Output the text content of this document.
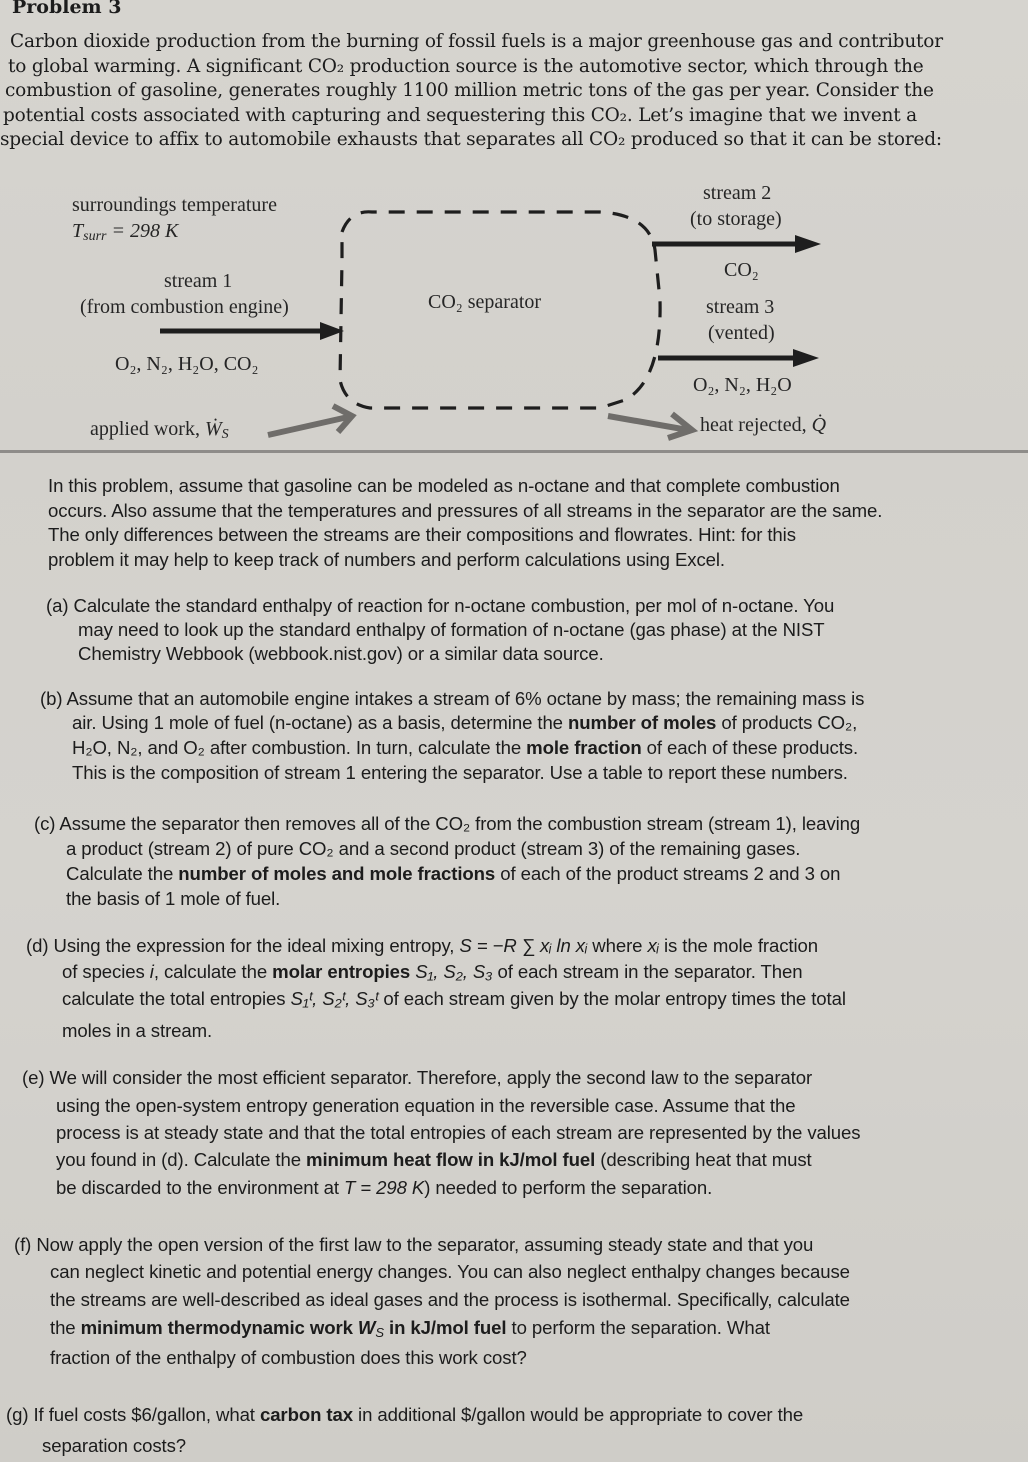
Problem 3
Carbon dioxide production from the burning of fossil fuels is a major greenhouse gas and contributor
to global warming. A significant CO₂ production source is the automotive sector, which through the
combustion of gasoline, generates roughly 1100 million metric tons of the gas per year. Consider the
potential costs associated with capturing and sequestering this CO₂. Let’s imagine that we invent a
special device to affix to automobile exhausts that separates all CO₂ produced so that it can be stored:
surroundings temperature
$T_{surr} = 298$ K
stream 1
(from combustion engine)
O₂, N₂, H₂O, CO₂
CO₂ separator
stream 2
(to storage)
CO₂
stream 3
(vented)
O₂, N₂, H₂O
applied work, Ẇ$_S$	heat rejected, Q̇
In this problem, assume that gasoline can be modeled as n-octane and that complete combustion
occurs. Also assume that the temperatures and pressures of all streams in the separator are the same.
The only differences between the streams are their compositions and flowrates. Hint: for this
problem it may help to keep track of numbers and perform calculations using Excel.
(a) Calculate the standard enthalpy of reaction for n-octane combustion, per mol of n-octane. You
may need to look up the standard enthalpy of formation of n-octane (gas phase) at the NIST
Chemistry Webbook (webbook.nist.gov) or a similar data source.
(b) Assume that an automobile engine intakes a stream of 6% octane by mass; the remaining mass is
air. Using 1 mole of fuel (n-octane) as a basis, determine the number of moles of products CO₂,
H₂O, N₂, and O₂ after combustion. In turn, calculate the mole fraction of each of these products.
This is the composition of stream 1 entering the separator. Use a table to report these numbers.
(c) Assume the separator then removes all of the CO₂ from the combustion stream (stream 1), leaving
a product (stream 2) of pure CO₂ and a second product (stream 3) of the remaining gases.
Calculate the number of moles and mole fractions of each of the product streams 2 and 3 on
the basis of 1 mole of fuel.
(d) Using the expression for the ideal mixing entropy, S = −R ∑ xᵢ ln xᵢ where xᵢ is the mole fraction
of species i, calculate the molar entropies S₁, S₂, S₃ of each stream in the separator. Then
calculate the total entropies S₁ᵗ, S₂ᵗ, S₃ᵗ of each stream given by the molar entropy times the total
moles in a stream.
(e) We will consider the most efficient separator. Therefore, apply the second law to the separator
using the open-system entropy generation equation in the reversible case. Assume that the
process is at steady state and that the total entropies of each stream are represented by the values
you found in (d). Calculate the minimum heat flow in kJ/mol fuel (describing heat that must
be discarded to the environment at T = 298 K) needed to perform the separation.
(f) Now apply the open version of the first law to the separator, assuming steady state and that you
can neglect kinetic and potential energy changes. You can also neglect enthalpy changes because
the streams are well-described as ideal gases and the process is isothermal. Specifically, calculate
the minimum thermodynamic work $W_S$ in kJ/mol fuel to perform the separation. What
fraction of the enthalpy of combustion does this work cost?
(g) If fuel costs $6/gallon, what carbon tax in additional $/gallon would be appropriate to cover the
separation costs?
